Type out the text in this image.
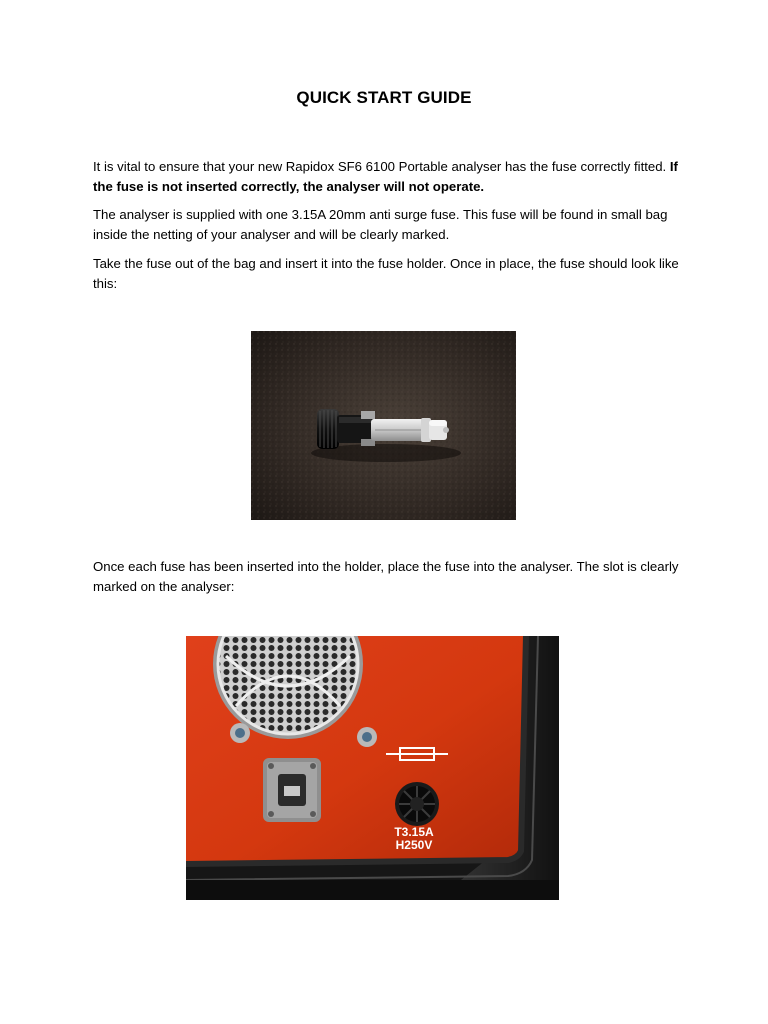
QUICK START GUIDE
It is vital to ensure that your new Rapidox SF6 6100 Portable analyser has the fuse correctly fitted. If the fuse is not inserted correctly, the analyser will not operate.
The analyser is supplied with one 3.15A 20mm anti surge fuse. This fuse will be found in small bag inside the netting of your analyser and will be clearly marked.
Take the fuse out of the bag and insert it into the fuse holder. Once in place, the fuse should look like this:
Once each fuse has been inserted into the holder, place the fuse into the analyser. The slot is clearly marked on the analyser:
T3.15A
H250V
